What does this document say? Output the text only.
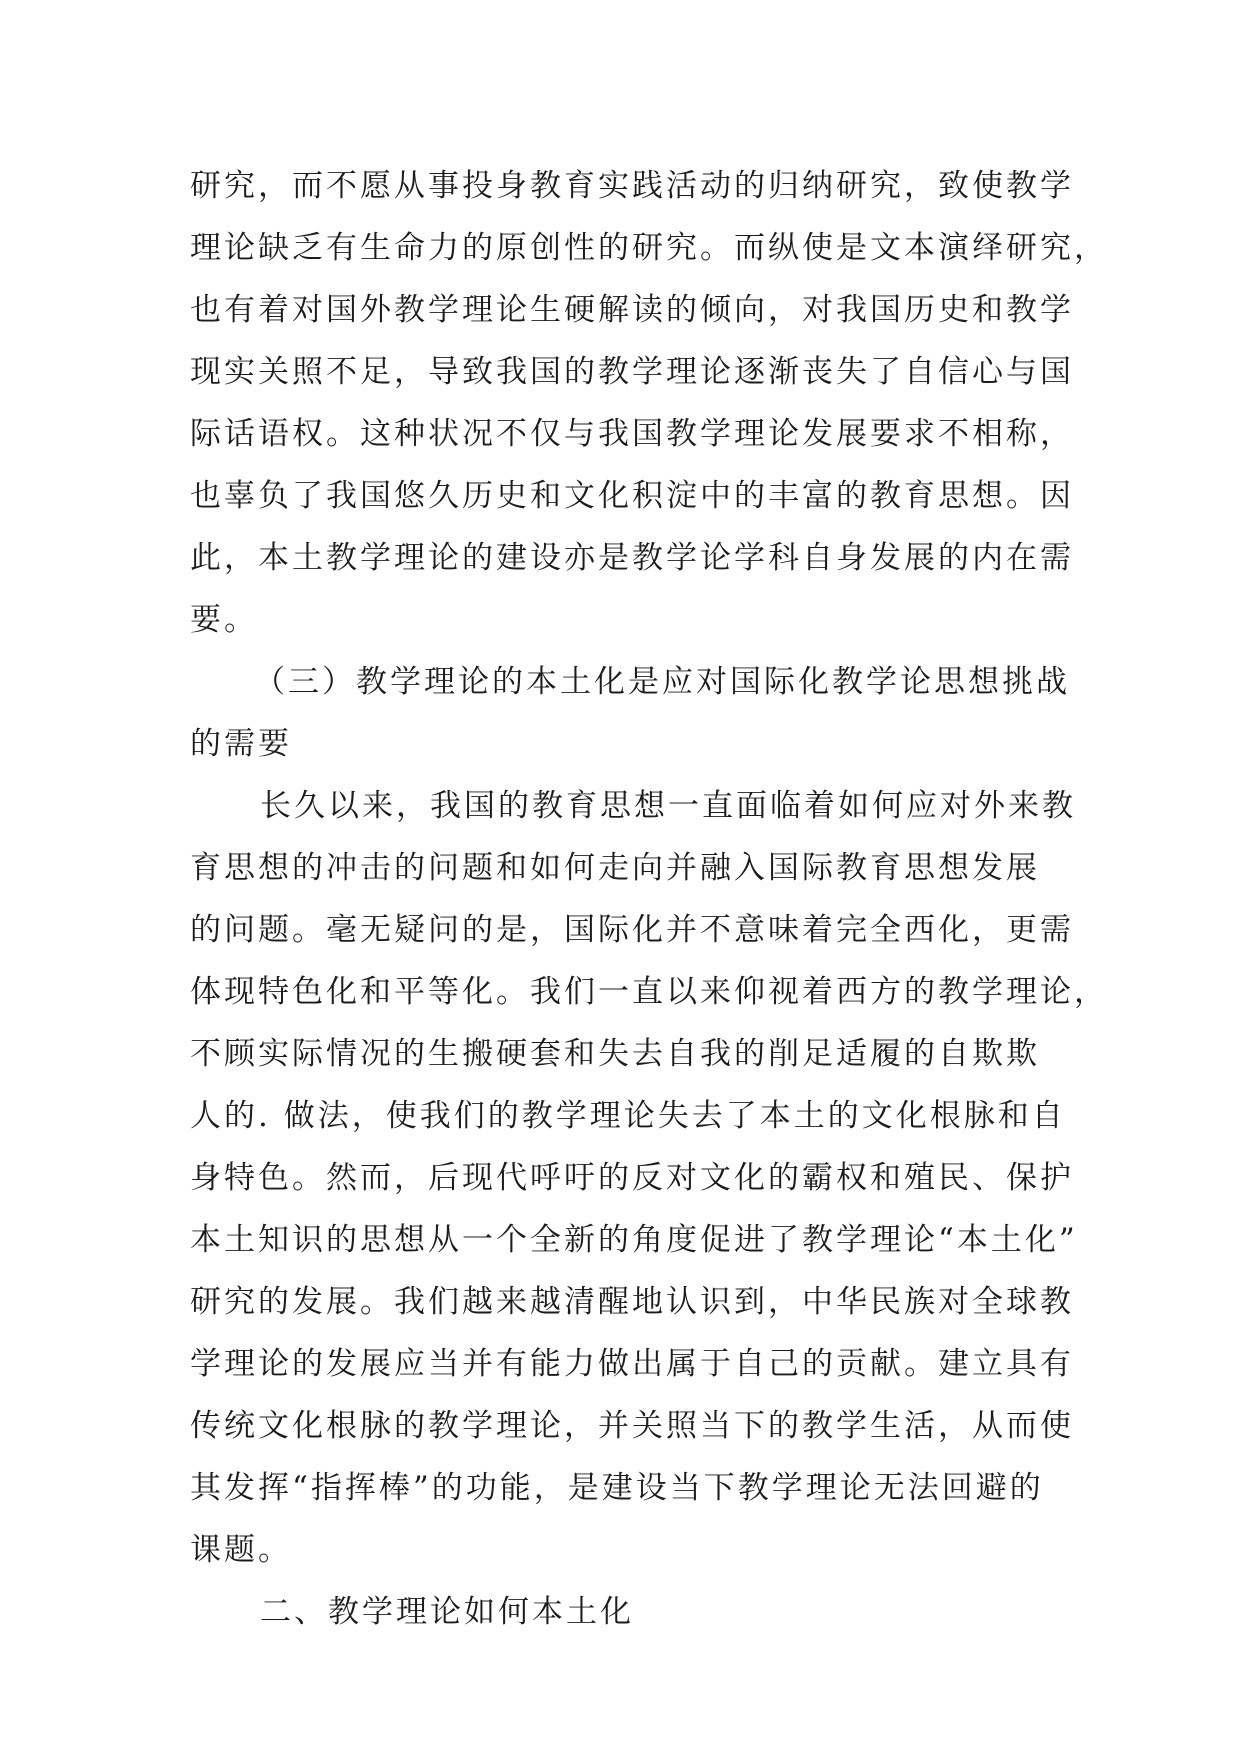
研究，而不愿从事投身教育实践活动的归纳研究，致使教学
理论缺乏有生命力的原创性的研究。而纵使是文本演绎研究，
也有着对国外教学理论生硬解读的倾向，对我国历史和教学
现实关照不足，导致我国的教学理论逐渐丧失了自信心与国
际话语权。这种状况不仅与我国教学理论发展要求不相称，
也辜负了我国悠久历史和文化积淀中的丰富的教育思想。因
此，本土教学理论的建设亦是教学论学科自身发展的内在需
要。
（三）教学理论的本土化是应对国际化教学论思想挑战
的需要
长久以来，我国的教育思想一直面临着如何应对外来教
育思想的冲击的问题和如何走向并融入国际教育思想发展
的问题。毫无疑问的是，国际化并不意味着完全西化，更需
体现特色化和平等化。我们一直以来仰视着西方的教学理论，
不顾实际情况的生搬硬套和失去自我的削足适履的自欺欺
人的. 做法，使我们的教学理论失去了本土的文化根脉和自
身特色。然而，后现代呼吁的反对文化的霸权和殖民、保护
本土知识的思想从一个全新的角度促进了教学理论“本土化”
研究的发展。我们越来越清醒地认识到，中华民族对全球教
学理论的发展应当并有能力做出属于自己的贡献。建立具有
传统文化根脉的教学理论，并关照当下的教学生活，从而使
其发挥“指挥棒”的功能，是建设当下教学理论无法回避的
课题。
二、教学理论如何本土化
